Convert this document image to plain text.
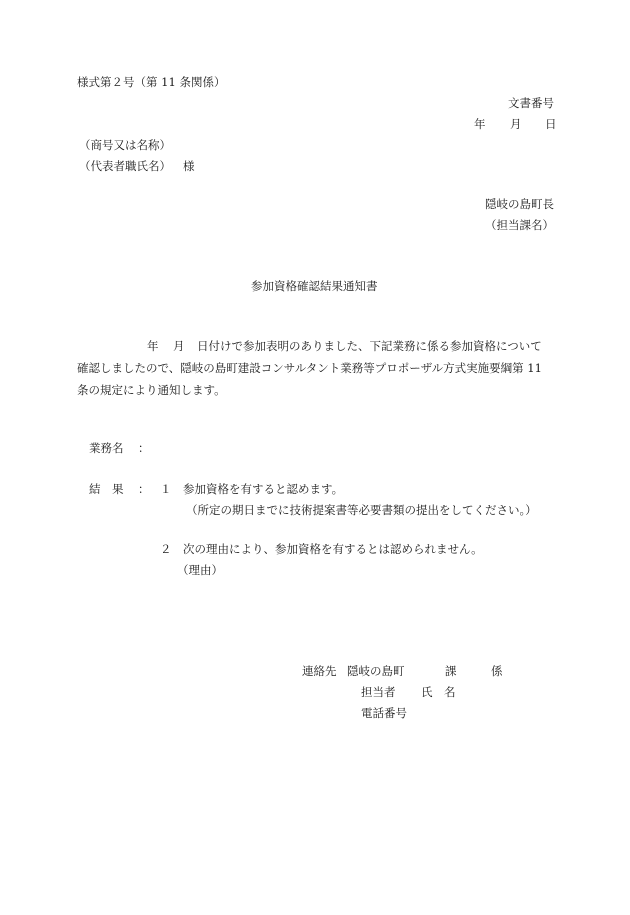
様式第２号（第 11 条関係）
文書番号
年 月 日
（商号又は名称）
（代表者職氏名） 様
隠岐の島町長
（担当課名）
参加資格確認結果通知書

年 月 日付けで参加表明のありました、下記業務に係る参加資格について

確認しましたので、隠岐の島町建設コンサルタント業務等プロポーザル方式実施要綱第 11

条の規定により通知します。

業務名 ：
結　果 ： １ 参加資格を有すると認めます。
（所定の期日までに技術提案書等必要書類の提出をしてください。）
２ 次の理由により、参加資格を有するとは認められません。
（理由）
連絡先 隠岐の島町	課	係
担当者 氏　名
電話番号
